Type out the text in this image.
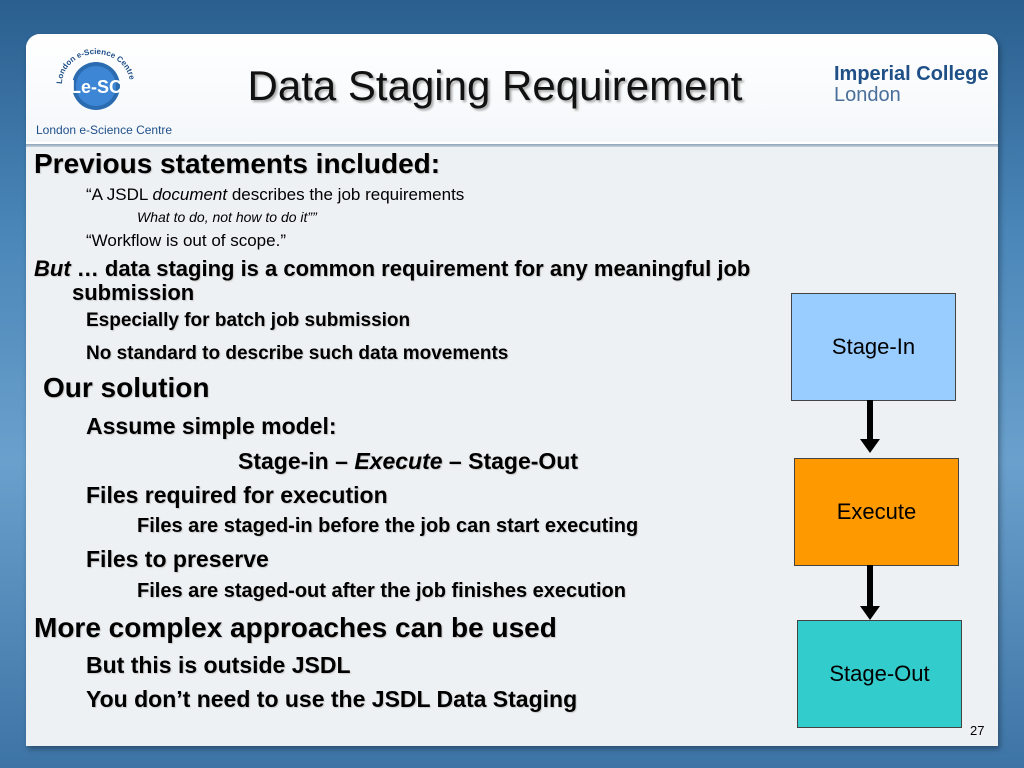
London e-Science Centre
Le-SC
London e-Science Centre
Data Staging Requirement	Imperial College
London
Previous statements included:
“A JSDL document describes the job requirements
What to do, not how to do it””
“Workflow is out of scope.”
But … data staging is a common requirement for any meaningful job
submission
Especially for batch job submission
No standard to describe such data movements
Our solution
Assume simple model:
Stage-in – Execute – Stage-Out
Files required for execution
Files are staged-in before the job can start executing
Files to preserve
Files are staged-out after the job finishes execution
More complex approaches can be used
But this is outside JSDL
You don’t need to use the JSDL Data Staging
Stage-In
Execute
Stage-Out
27
